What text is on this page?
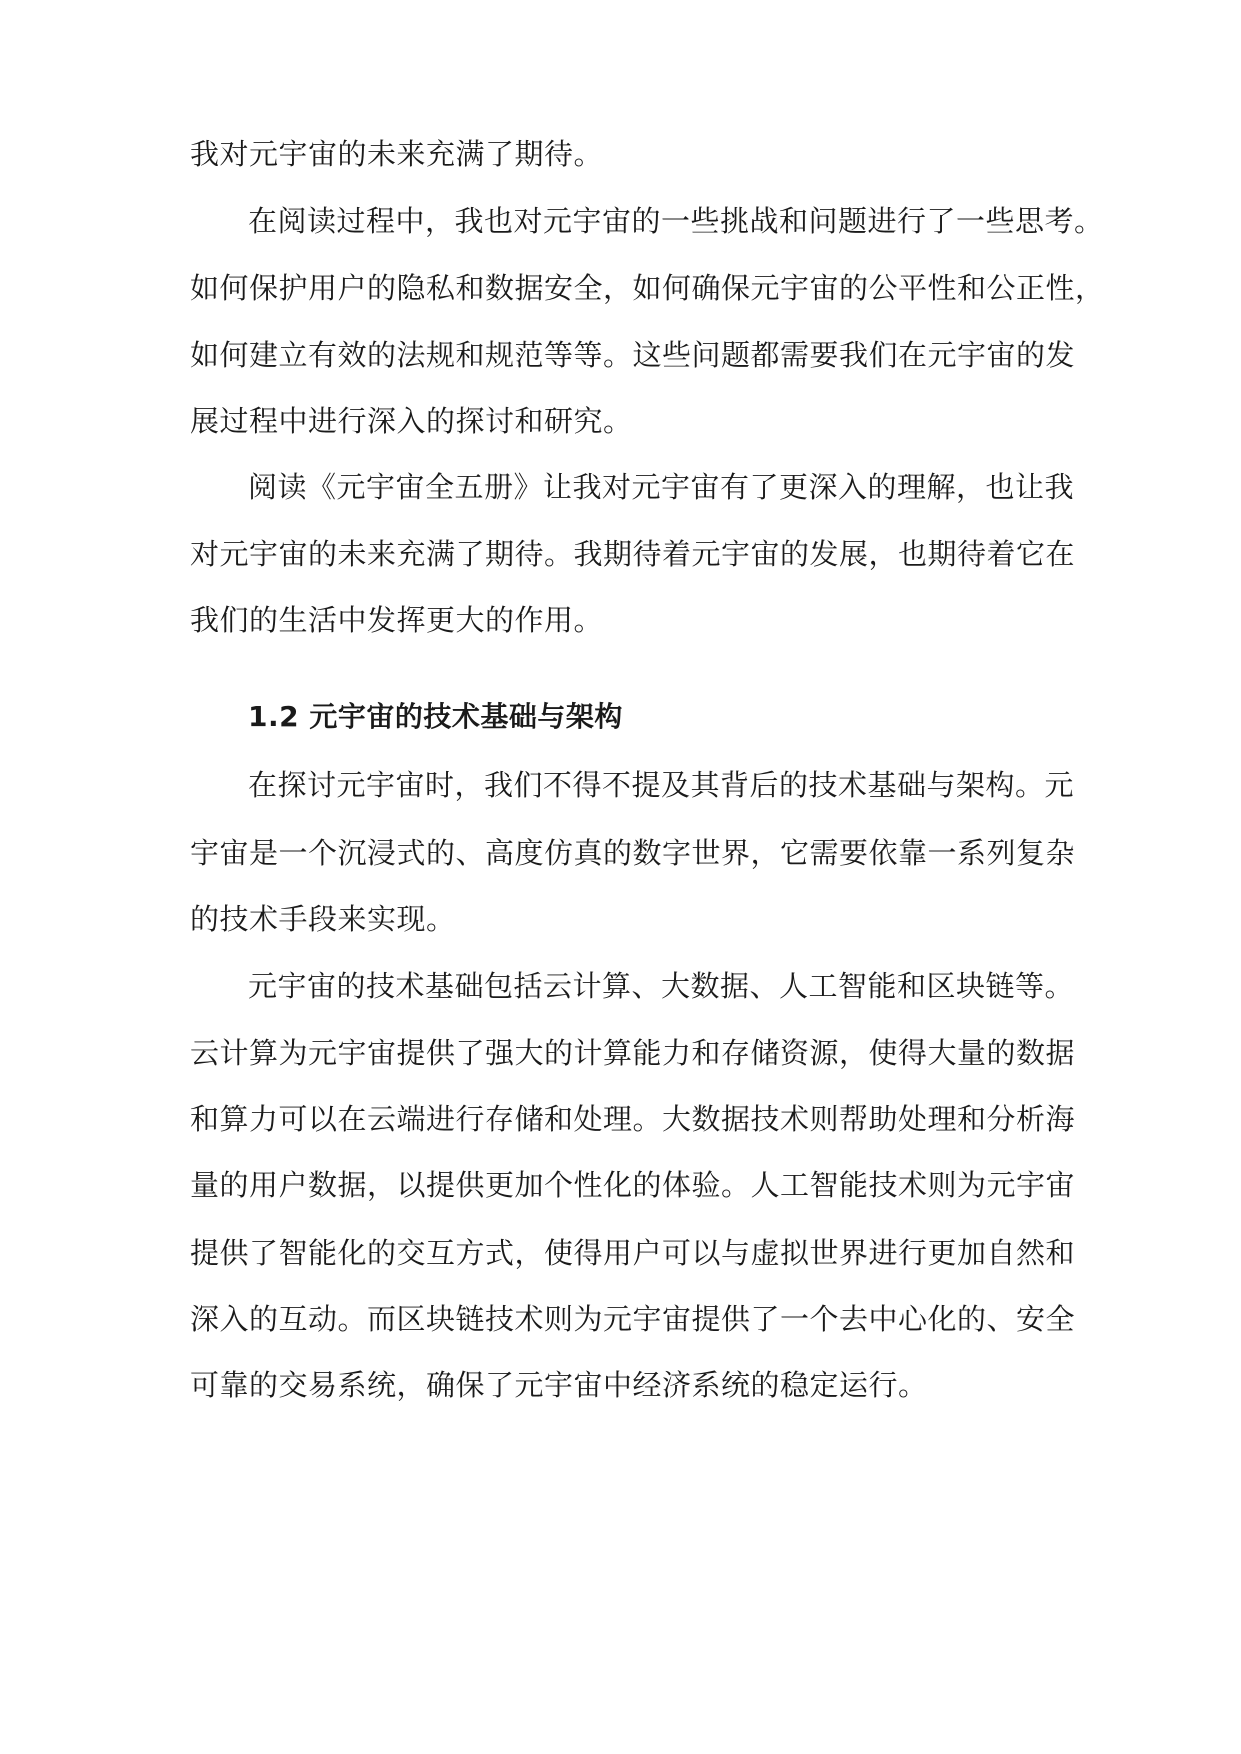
我对元宇宙的未来充满了期待。
在阅读过程中，我也对元宇宙的一些挑战和问题进行了一些思考。
如何保护用户的隐私和数据安全，如何确保元宇宙的公平性和公正性，
如何建立有效的法规和规范等等。这些问题都需要我们在元宇宙的发
展过程中进行深入的探讨和研究。
阅读《元宇宙全五册》让我对元宇宙有了更深入的理解，也让我
对元宇宙的未来充满了期待。我期待着元宇宙的发展，也期待着它在
我们的生活中发挥更大的作用。
1.2 元宇宙的技术基础与架构
在探讨元宇宙时，我们不得不提及其背后的技术基础与架构。元
宇宙是一个沉浸式的、高度仿真的数字世界，它需要依靠一系列复杂
的技术手段来实现。
元宇宙的技术基础包括云计算、大数据、人工智能和区块链等。
云计算为元宇宙提供了强大的计算能力和存储资源，使得大量的数据
和算力可以在云端进行存储和处理。大数据技术则帮助处理和分析海
量的用户数据，以提供更加个性化的体验。人工智能技术则为元宇宙
提供了智能化的交互方式，使得用户可以与虚拟世界进行更加自然和
深入的互动。而区块链技术则为元宇宙提供了一个去中心化的、安全
可靠的交易系统，确保了元宇宙中经济系统的稳定运行。
